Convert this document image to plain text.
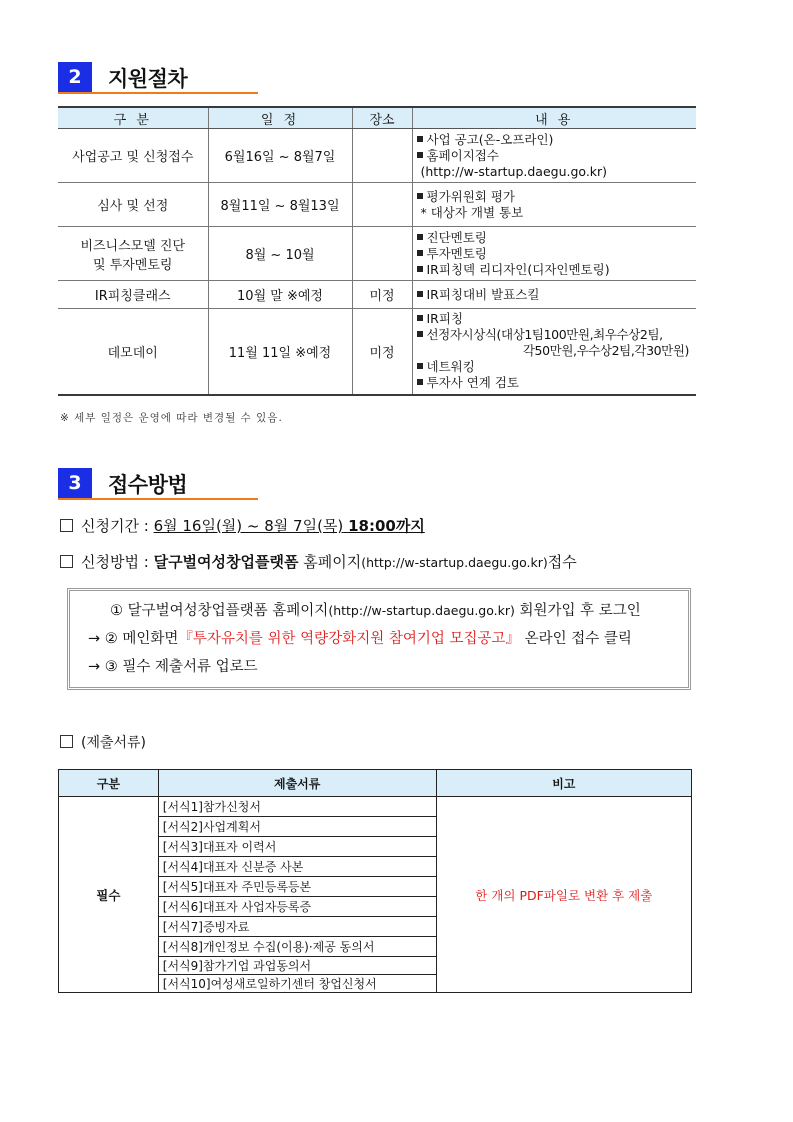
2	지원절차
구 분	일 정	장소	내 용
사업공고 및 신청접수	6월16일 ~ 8월7일		사업 공고(온-오프라인)
홈페이지접수
(http://w-startup.daegu.go.kr)

심사 및 선정	8월11일 ~ 8월13일		평가위원회 평가
* 대상자 개별 통보

비즈니스모델 진단
및 투자멘토링	8월 ~ 10월		진단멘토링
투자멘토링
IR피칭덱 리디자인(디자인멘토링)

IR피칭클래스	10월 말 ※예정	미정	IR피칭대비 발표스킬

데모데이	11월 11일 ※예정	미정	IR피칭
선정자시상식(대상1팀100만원,최우수상2팀,
각50만원,우수상2팀,각30만원)
네트워킹
투자사 연계 검토
※ 세부 일정은 운영에 따라 변경될 수 있음.
3	접수방법
신청기간 : 6월 16일(월) ~ 8월 7일(목) 18:00까지
신청방법 : 달구벌여성창업플랫폼 홈페이지(http://w-startup.daegu.go.kr)접수
① 달구벌여성창업플랫폼 홈페이지(http://w-startup.daegu.go.kr) 회원가입 후 로그인
→ ② 메인화면『투자유치를 위한 역량강화지원 참여기업 모집공고』 온라인 접수 클릭
→ ③ 필수 제출서류 업로드
(제출서류)
구분	제출서류	비고
필수	[서식1]참가신청서	한 개의 PDF파일로 변환 후 제출
	[서식2]사업계획서	
	[서식3]대표자 이력서	
	[서식4]대표자 신분증 사본	
	[서식5]대표자 주민등록등본	
	[서식6]대표자 사업자등록증	
	[서식7]증빙자료	
	[서식8]개인정보 수집(이용)·제공 동의서	
	[서식9]참가기업 과업동의서	
	[서식10]여성새로일하기센터 창업신청서	
